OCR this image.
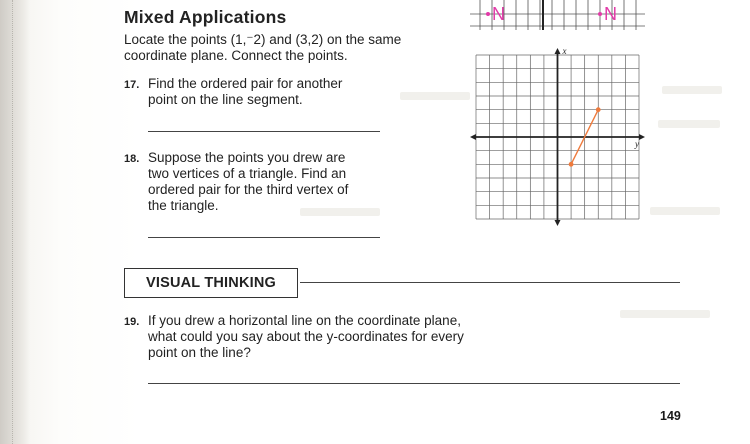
N	N
Mixed Applications
Locate the points (1,⁻2) and (3,2) on the same
coordinate plane. Connect the points.
17. Find the ordered pair for another
point on the line segment.
18. Suppose the points you drew are
two vertices of a triangle. Find an
ordered pair for the third vertex of
the triangle.
y
x
VISUAL THINKING
19. If you drew a horizontal line on the coordinate plane,
what could you say about the y-coordinates for every
point on the line?
149
